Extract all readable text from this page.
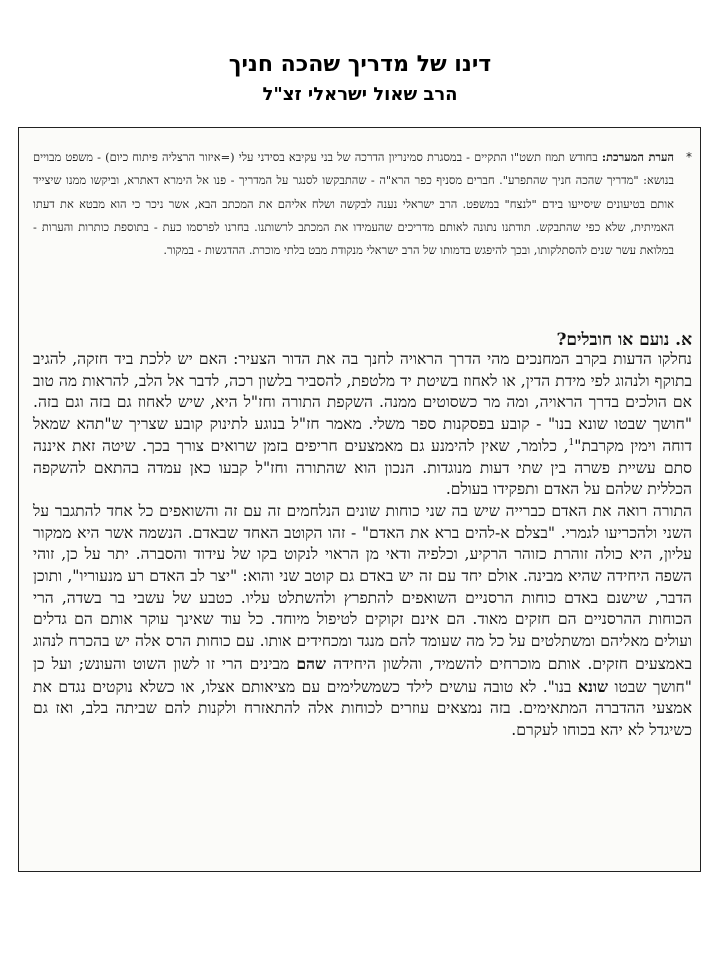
דינו של מדריך שהכה חניך
הרב שאול ישראלי זצ"ל
*
הערת המערכת: בחודש תמוז תשט"ו התקיים - במסגרת סמינריון הדרכה של בני עקיבא בסידני עלי (=איזור הרצליה פיתוח כיום) - משפט מבויים בנושא: "מדריך שהכה חניך שהתפרע". חברים מסניף כפר הרא"ה - שהתבקשו לסנגר על המדריך - פנו אל הימרא דאתרא, וביקשו ממנו שיצייד אותם בטיעונים שיסייעו בידם "לנצח" במשפט. הרב ישראלי נענה לבקשה ושלח אליהם את המכתב הבא, אשר ניכר כי הוא מבטא את דעתו האמיתית, שלא כפי שהתבקש. תודתנו נתונה לאותם מדריכים שהעמידו את המכתב לרשותנו. בחרנו לפרסמו כעת - בתוספת כותרות והערות - במלואת עשר שנים להסתלקותו, ובכך להיפגש בדמותו של הרב ישראלי מנקודת מבט בלתי מוכרת. ההדגשות - במקור.
א. נועם או חובלים?

נחלקו הדעות בקרב המחנכים מהי הדרך הראויה לחנך בה את הדור הצעיר: האם יש ללכת ביד חזקה, להגיב בתוקף ולנהוג לפי מידת הדין, או לאחוז בשיטת יד מלטפת, להסביר בלשון רכה, לדבר אל הלב, להראות מה טוב אם הולכים בדרך הראויה, ומה מר כשסוטים ממנה. השקפת התורה וחז"ל היא, שיש לאחוז גם בזה וגם בזה. "חושך שבטו שונא בנו" - קובע בפסקנות ספר משלי. מאמר חז"ל בנוגע לתינוק קובע שצריך ש"תהא שמאל דוחה וימין מקרבת"$^1$, כלומר, שאין להימנע גם מאמצעים חריפים בזמן שרואים צורך בכך. שיטה זאת איננה סתם עשיית פשרה בין שתי דעות מנוגדות. הנכון הוא שהתורה וחז"ל קבעו כאן עמדה בהתאם להשקפה הכללית שלהם על האדם ותפקידו בעולם.

התורה רואה את האדם כברייה שיש בה שני כוחות שונים הנלחמים זה עם זה והשואפים כל אחד להתגבר על השני ולהכריעו לגמרי. "בצלם א-להים ברא את האדם" - זהו הקוטב האחד שבאדם. הנשמה אשר היא ממקור עליון, היא כולה זוהרת כזוהר הרקיע, וכלפיה ודאי מן הראוי לנקוט בקו של עידוד והסברה. יתר על כן, זוהי השפה היחידה שהיא מבינה. אולם יחד עם זה יש באדם גם קוטב שני והוא: "יצר לב האדם רע מנעוריו", ותוכן הדבר, שישנם באדם כוחות הרסניים השואפים להתפרץ ולהשתלט עליו. כטבע של עשבי בר בשדה, הרי הכוחות ההרסניים הם חזקים מאוד. הם אינם זקוקים לטיפול מיוחד. כל עוד שאינך עוקר אותם הם גדלים ועולים מאליהם ומשתלטים על כל מה שעומד להם מנגד ומכחידים אותו. עם כוחות הרס אלה יש בהכרח לנהוג באמצעים חזקים. אותם מוכרחים להשמיד, והלשון היחידה שהם מבינים הרי זו לשון השוט והעונש; ועל כן "חושך שבטו שונא בנו". לא טובה עושים לילד כשמשלימים עם מציאותם אצלו, או כשלא נוקטים נגדם את אמצעי ההדברה המתאימים. בזה נמצאים עוזרים לכוחות אלה להתאזרח ולקנות להם שביתה בלב, ואז גם כשיגדל לא יהא בכוחו לעקרם.
